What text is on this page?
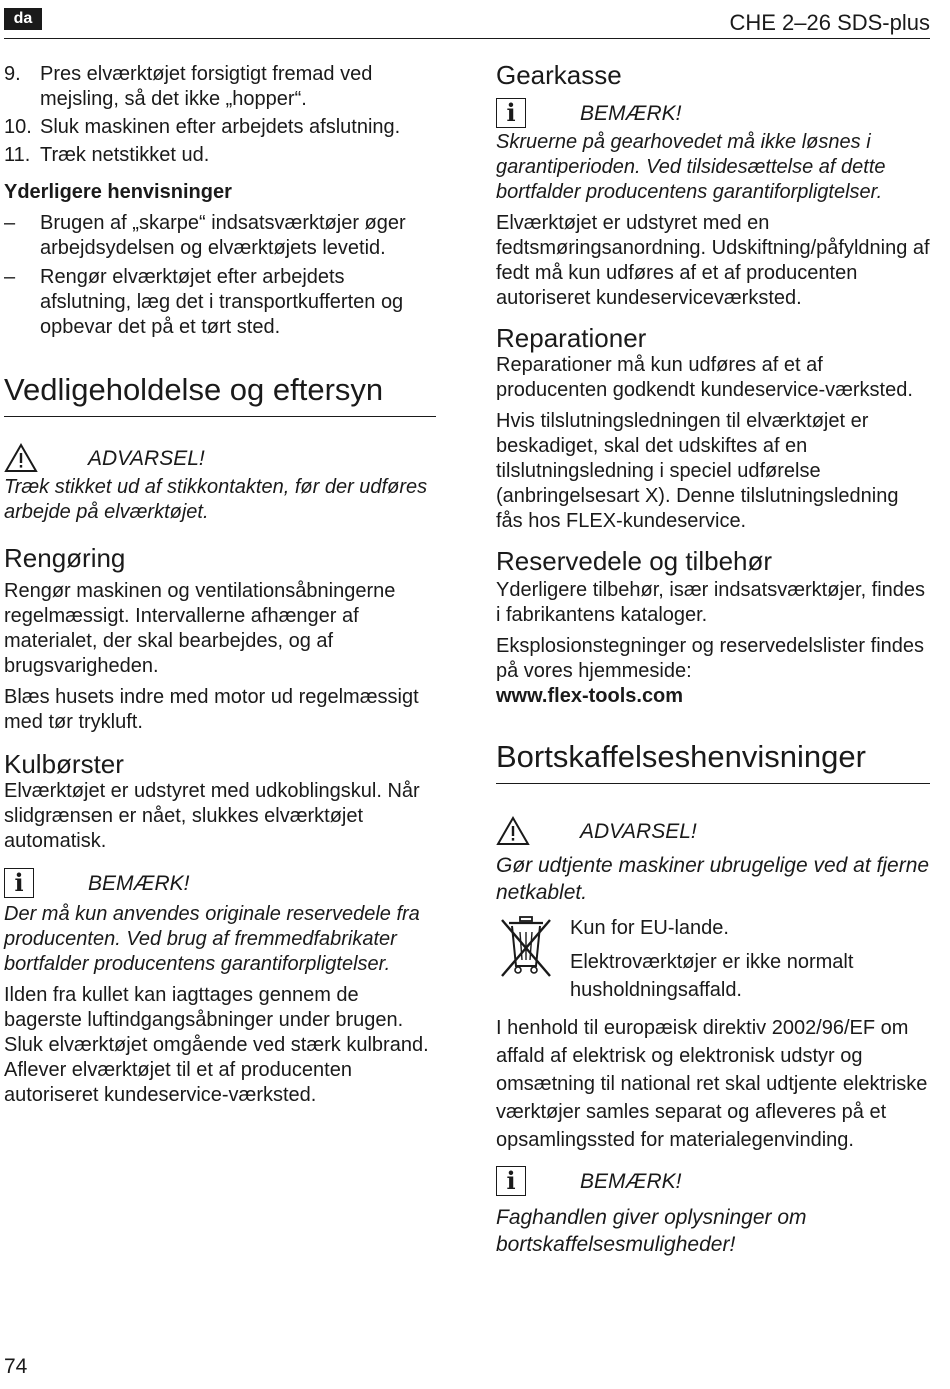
da	CHE 2–26 SDS-plus
9. Pres elværktøjet forsigtigt fremad ved mejsling, så det ikke „hopper“.
10. Sluk maskinen efter arbejdets afslutning.
11. Træk netstikket ud.
Yderligere henvisninger
–	Brugen af „skarpe“ indsatsværktøjer øger arbejdsydelsen og elværktøjets levetid.
–	Rengør elværktøjet efter arbejdets afslutning, læg det i transportkufferten og opbevar det på et tørt sted.
Vedligeholdelse og eftersyn
ADVARSEL!

Træk stikket ud af stikkontakten, før der udføres arbejde på elværktøjet.

Rengøring

Rengør maskinen og ventilationsåbningerne regelmæssigt. Intervallerne afhænger af materialet, der skal bearbejdes, og af brugsvarigheden.

Blæs husets indre med motor ud regelmæssigt med tør trykluft.

Kulbørster

Elværktøjet er udstyret med udkoblingskul. Når slidgrænsen er nået, slukkes elværktøjet automatisk.

i	BEMÆRK!

Der må kun anvendes originale reservedele fra producenten. Ved brug af fremmedfabrikater bortfalder producentens garantiforpligtelser.

Ilden fra kullet kan iagttages gennem de bagerste luftindgangsåbninger under brugen. Sluk elværktøjet omgående ved stærk kulbrand. Aflever elværktøjet til et af producenten autoriseret kundeservice-værksted.

Gearkasse
i	BEMÆRK!

Skruerne på gearhovedet må ikke løsnes i garantiperioden. Ved tilsidesættelse af dette bortfalder producentens garantiforpligtelser.

Elværktøjet er udstyret med en fedtsmøringsanordning. Udskiftning/påfyldning af fedt må kun udføres af et af producenten autoriseret kundeserviceværksted.

Reparationer

Reparationer må kun udføres af et af producenten godkendt kundeservice-værksted.

Hvis tilslutningsledningen til elværktøjet er beskadiget, skal det udskiftes af en tilslutningsledning i speciel udførelse (anbringelsesart X). Denne tilslutningsledning fås hos FLEX-kundeservice.

Reservedele og tilbehør

Yderligere tilbehør, især indsatsværktøjer, findes i fabrikantens kataloger.

Eksplosionstegninger og reservedelslister findes på vores hjemmeside:

www.flex-tools.com
Bortskaffelseshenvisninger
ADVARSEL!

Gør udtjente maskiner ubrugelige ved at fjerne netkablet.

Kun for EU-lande.
Elektroværktøjer er ikke normalt husholdningsaffald.

I henhold til europæisk direktiv 2002/96/EF om affald af elektrisk og elektronisk udstyr og omsætning til national ret skal udtjente elektriske værktøjer samles separat og afleveres på et opsamlingssted for materialegenvinding.

i	BEMÆRK!

Faghandlen giver oplysninger om bortskaffelsesmuligheder!

74
